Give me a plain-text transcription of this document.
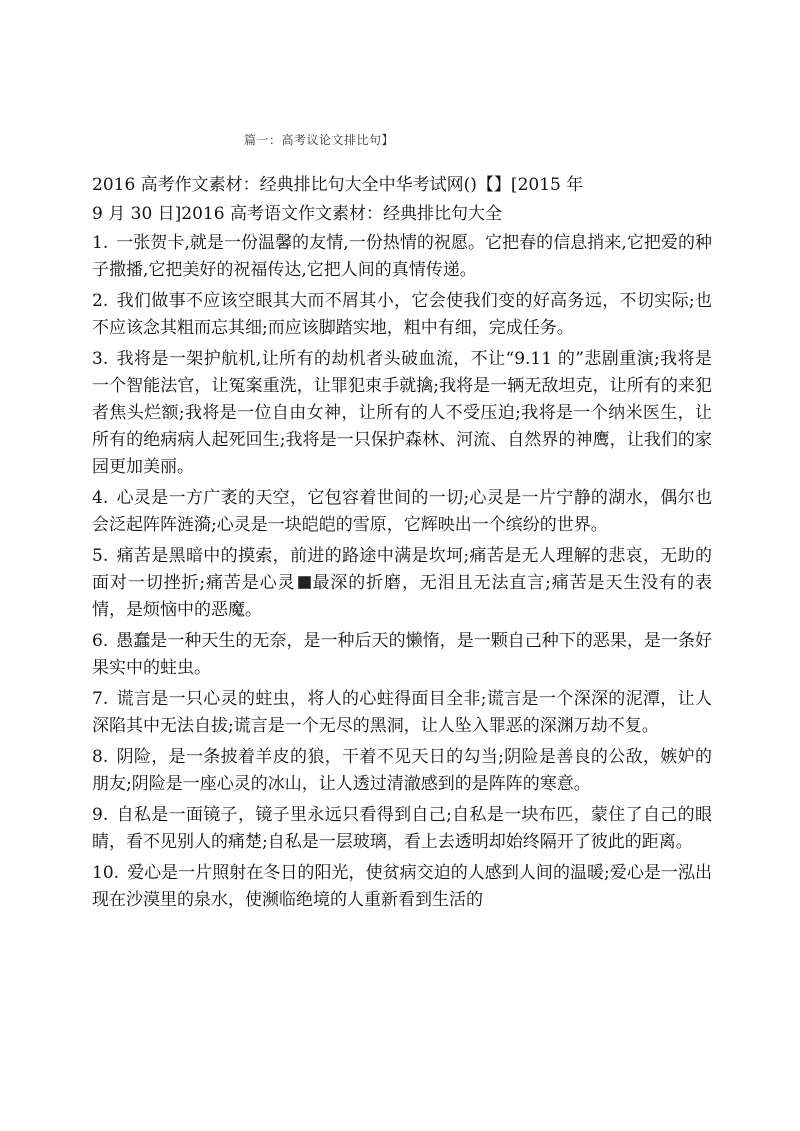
篇一：高考议论文排比句】

2016 高考作文素材：经典排比句大全中华考试网()【】[2015 年

9 月 30 日]2016 高考语文作文素材：经典排比句大全

1. 一张贺卡,就是一份温馨的友情,一份热情的祝愿。它把春的信息捎来,它把爱的种子撒播,它把美好的祝福传达,它把人间的真情传递。

2. 我们做事不应该空眼其大而不屑其小，它会使我们变的好高务远，不切实际;也不应该念其粗而忘其细;而应该脚踏实地，粗中有细，完成任务。

3. 我将是一架护航机,让所有的劫机者头破血流，不让“9.11 的”悲剧重演;我将是一个智能法官，让冤案重洗，让罪犯束手就擒;我将是一辆无敌坦克，让所有的来犯者焦头烂额;我将是一位自由女神，让所有的人不受压迫;我将是一个纳米医生，让所有的绝病病人起死回生;我将是一只保护森林、河流、自然界的神鹰，让我们的家园更加美丽。

4. 心灵是一方广袤的天空，它包容着世间的一切;心灵是一片宁静的湖水，偶尔也会泛起阵阵涟漪;心灵是一块皑皑的雪原，它辉映出一个缤纷的世界。

5. 痛苦是黑暗中的摸索，前进的路途中满是坎坷;痛苦是无人理解的悲哀，无助的面对一切挫折;痛苦是心灵 最深的折磨，无泪且无法直言;痛苦是天生没有的表情，是烦恼中的恶魔。

6. 愚蠢是一种天生的无奈，是一种后天的懒惰，是一颗自己种下的恶果，是一条好果实中的蛀虫。

7. 谎言是一只心灵的蛀虫，将人的心蛀得面目全非;谎言是一个深深的泥潭，让人深陷其中无法自拔;谎言是一个无尽的黑洞，让人坠入罪恶的深渊万劫不复。

8. 阴险，是一条披着羊皮的狼，干着不见天日的勾当;阴险是善良的公敌，嫉妒的朋友;阴险是一座心灵的冰山，让人透过清澈感到的是阵阵的寒意。

9. 自私是一面镜子，镜子里永远只看得到自己;自私是一块布匹，蒙住了自己的眼睛，看不见别人的痛楚;自私是一层玻璃，看上去透明却始终隔开了彼此的距离。

10. 爱心是一片照射在冬日的阳光，使贫病交迫的人感到人间的温暖;爱心是一泓出现在沙漠里的泉水，使濒临绝境的人重新看到生活的
